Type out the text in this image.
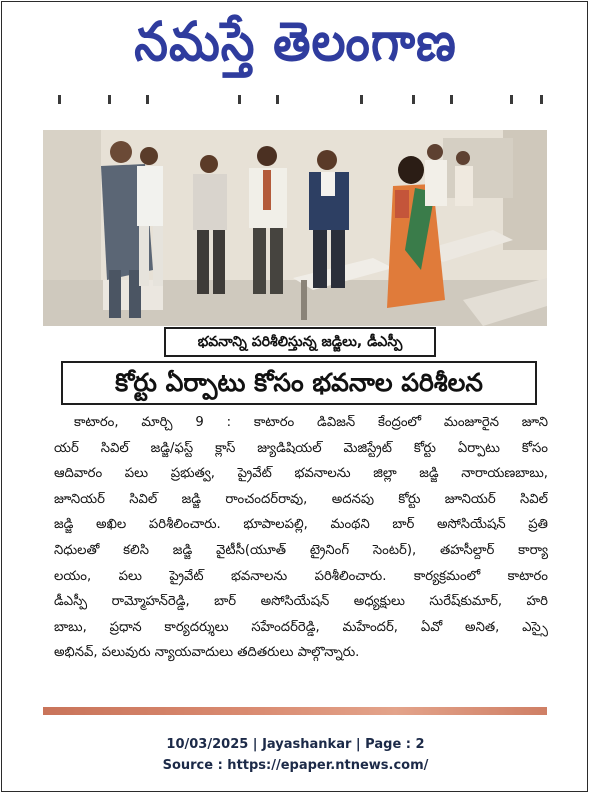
నమస్తే తెలంగాణ
భవనాన్ని పరిశీలిస్తున్న జడ్జిలు, డీఎస్పీ
కోర్టు ఏర్పాటు కోసం భవనాల పరిశీలన
కాటారం, మార్చి 9 : కాటారం డివిజన్ కేంద్రంలో మంజూరైన జూని
యర్ సివిల్ జడ్జి/ఫస్ట్ క్లాస్ జ్యుడిషియల్ మెజిస్ట్రేట్ కోర్టు ఏర్పాటు కోసం
ఆదివారం పలు ప్రభుత్వ, ప్రైవేట్ భవనాలను జిల్లా జడ్జి నారాయణబాబు,
జూనియర్ సివిల్ జడ్జి రాంచందర్‌రావు, అదనపు కోర్టు జూనియర్ సివిల్
జడ్జి అఖిల పరిశీలించారు. భూపాలపల్లి, మంథని బార్ అసోసియేషన్ ప్రతి
నిధులతో కలిసి జడ్జి వైటీసీ(యూత్ ట్రైనింగ్ సెంటర్), తహసీల్దార్ కార్యా
లయం, పలు ప్రైవేట్ భవనాలను పరిశీలించారు. కార్యక్రమంలో కాటారం
డీఎస్పీ రామ్మోహన్‌రెడ్డి, బార్ అసోసియేషన్ అధ్యక్షులు సురేష్‌కుమార్, హరి
బాబు, ప్రధాన కార్యదర్శులు సహేందర్‌రెడ్డి, మహేందర్, ఏవో అనిత, ఎస్సై
అభినవ్, పలువురు న్యాయవాదులు తదితరులు పాల్గొన్నారు.
10/03/2025 | Jayashankar | Page : 2
Source : https://epaper.ntnews.com/
